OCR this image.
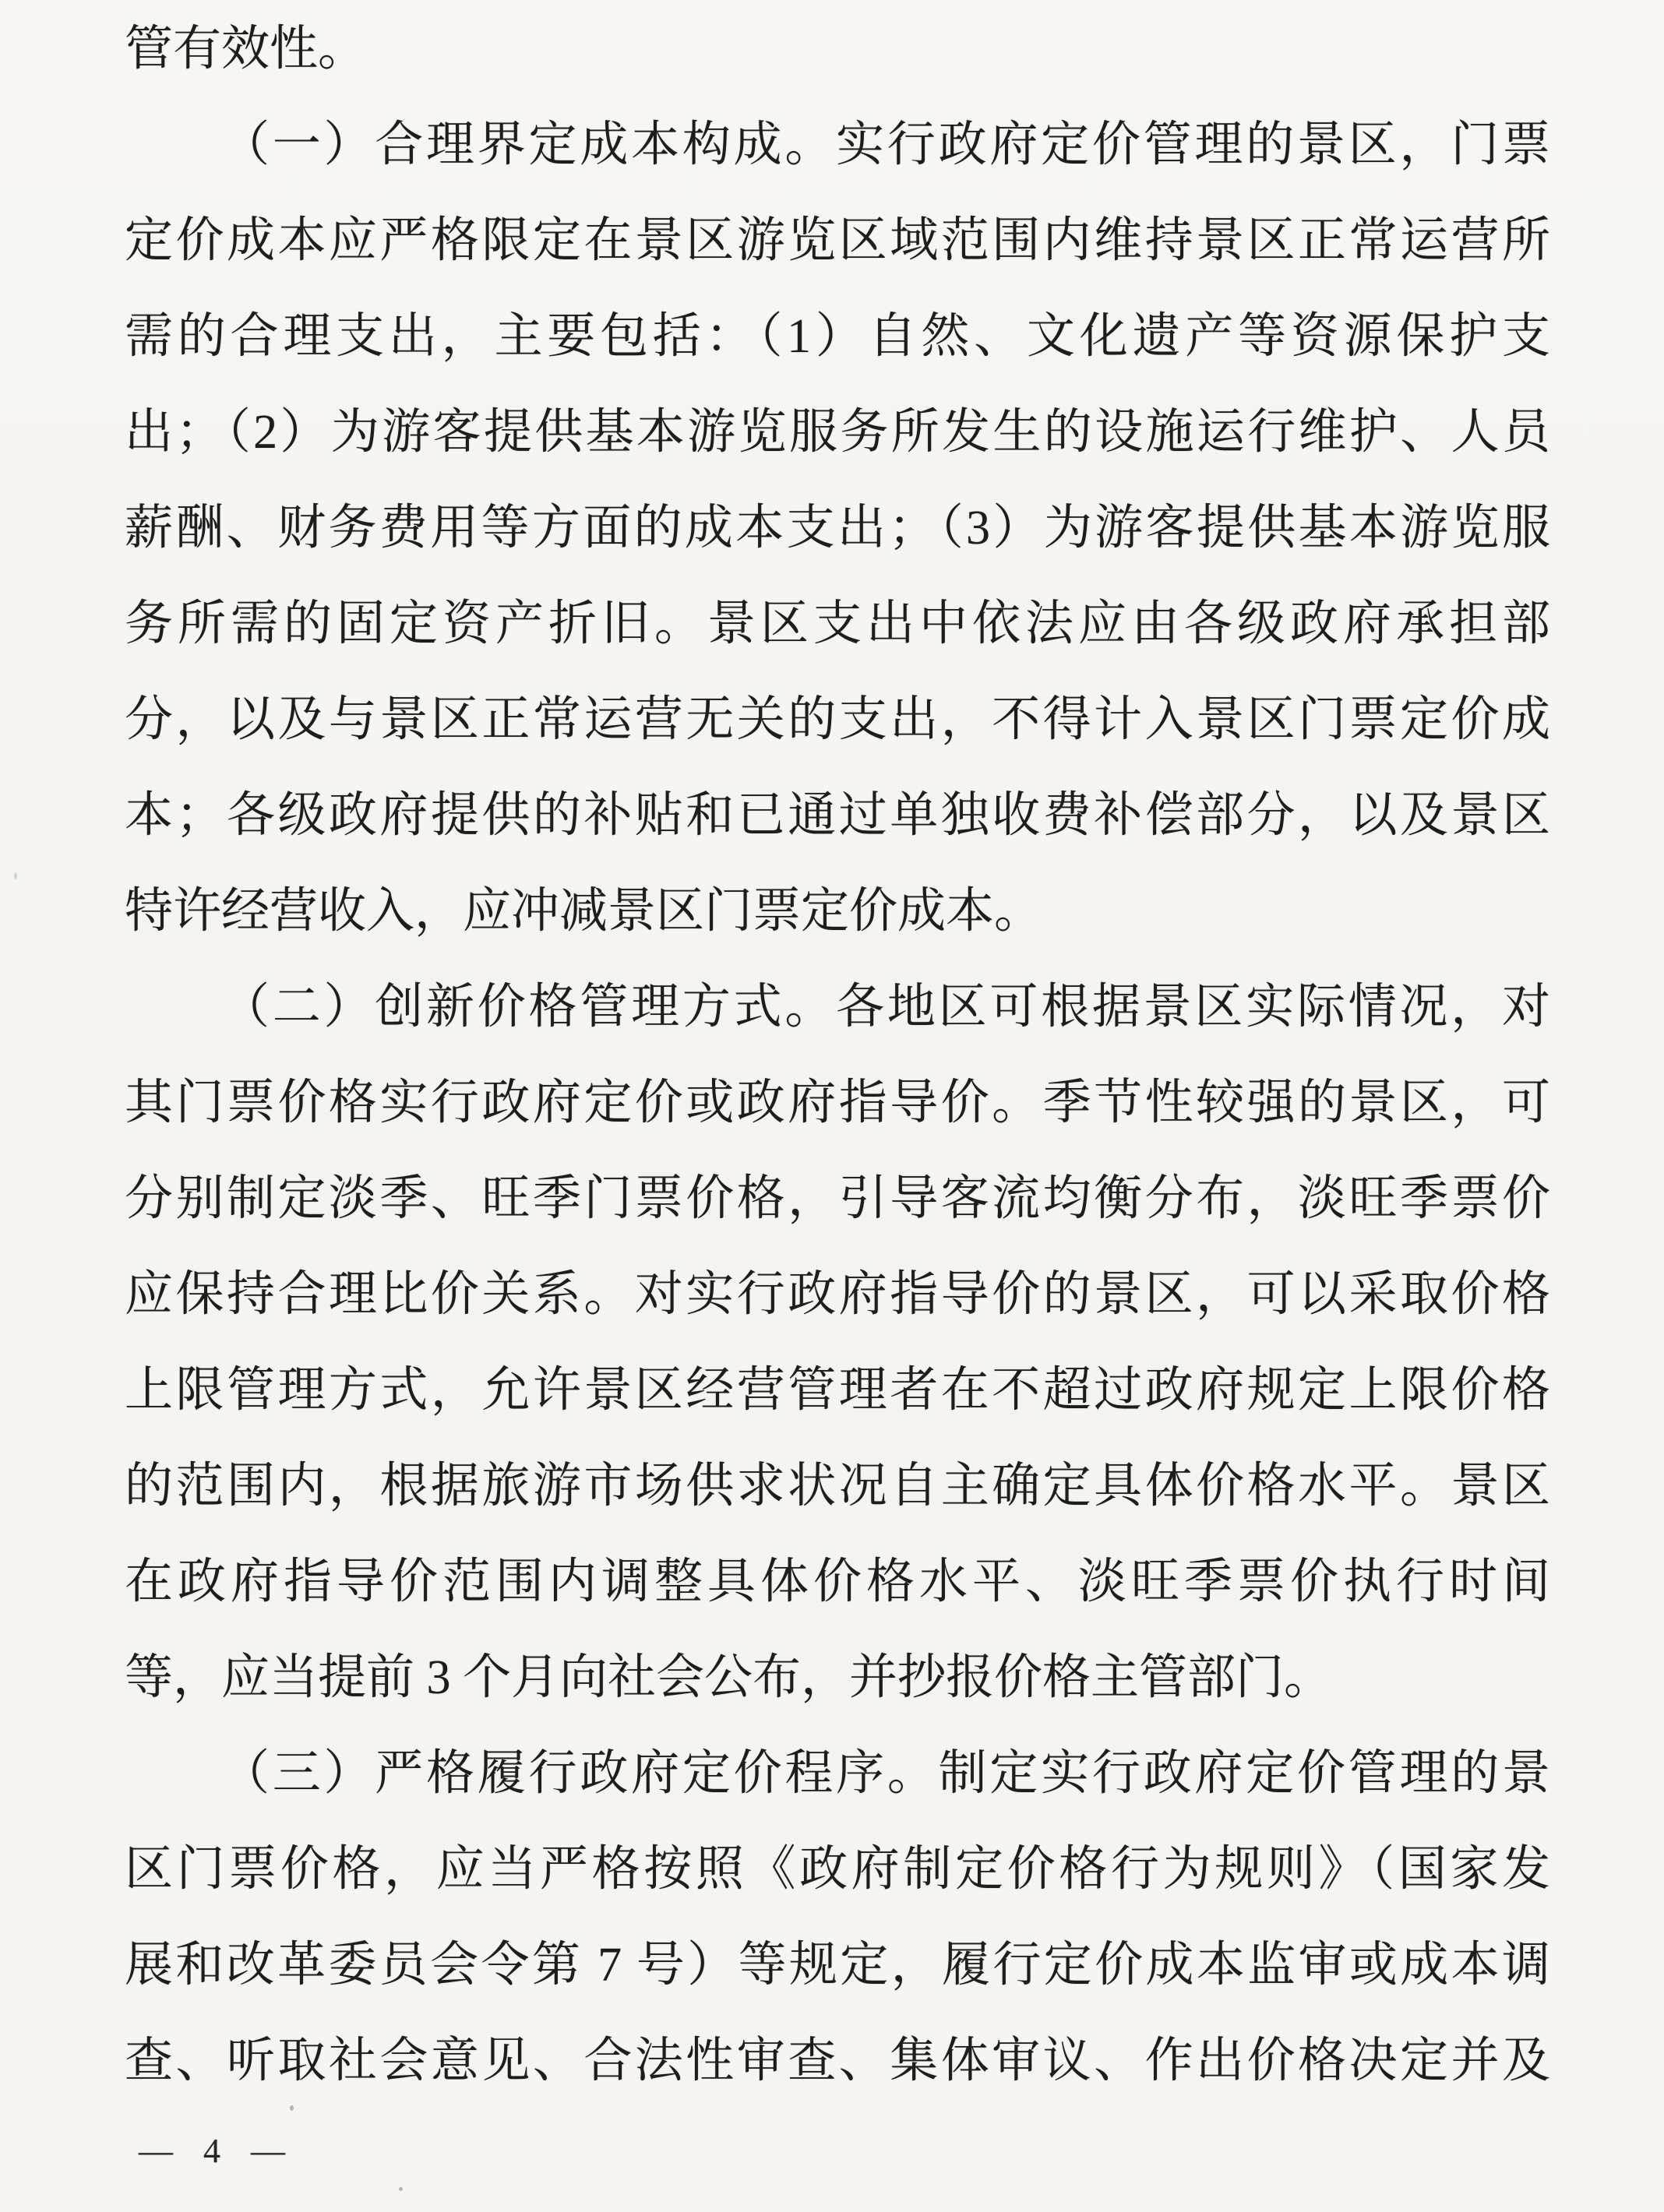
管有效性。
（一）合理界定成本构成。实行政府定价管理的景区，门票
定价成本应严格限定在景区游览区域范围内维持景区正常运营所
需的合理支出，主要包括：（1）自然、文化遗产等资源保护支
出；（2）为游客提供基本游览服务所发生的设施运行维护、人员
薪酬、财务费用等方面的成本支出；（3）为游客提供基本游览服
务所需的固定资产折旧。景区支出中依法应由各级政府承担部
分，以及与景区正常运营无关的支出，不得计入景区门票定价成
本；各级政府提供的补贴和已通过单独收费补偿部分，以及景区
特许经营收入，应冲减景区门票定价成本。
（二）创新价格管理方式。各地区可根据景区实际情况，对
其门票价格实行政府定价或政府指导价。季节性较强的景区，可
分别制定淡季、旺季门票价格，引导客流均衡分布，淡旺季票价
应保持合理比价关系。对实行政府指导价的景区，可以采取价格
上限管理方式，允许景区经营管理者在不超过政府规定上限价格
的范围内，根据旅游市场供求状况自主确定具体价格水平。景区
在政府指导价范围内调整具体价格水平、淡旺季票价执行时间
等，应当提前 3 个月向社会公布，并抄报价格主管部门。
（三）严格履行政府定价程序。制定实行政府定价管理的景
区门票价格，应当严格按照《政府制定价格行为规则》（国家发
展和改革委员会令第 7 号）等规定，履行定价成本监审或成本调
查、听取社会意见、合法性审查、集体审议、作出价格决定并及
— 4 —
